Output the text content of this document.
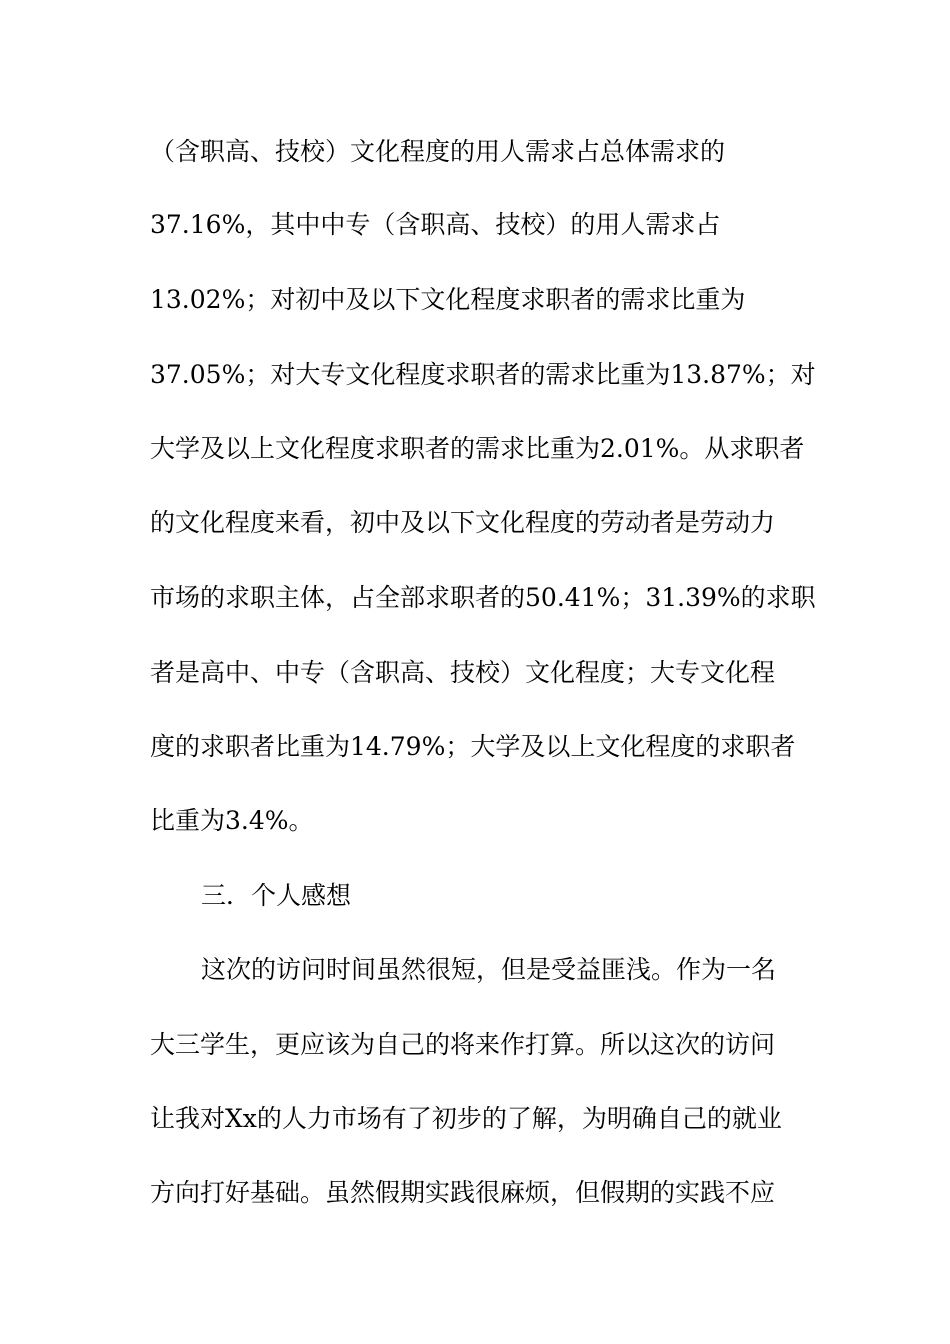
（含职高、技校）文化程度的用人需求占总体需求的
37.16%，其中中专（含职高、技校）的用人需求占
13.02%；对初中及以下文化程度求职者的需求比重为
37.05%；对大专文化程度求职者的需求比重为13.87%；对
大学及以上文化程度求职者的需求比重为2.01%。从求职者
的文化程度来看，初中及以下文化程度的劳动者是劳动力
市场的求职主体，占全部求职者的50.41%；31.39%的求职
者是高中、中专（含职高、技校）文化程度；大专文化程
度的求职者比重为14.79%；大学及以上文化程度的求职者
比重为3.4%。
三．个人感想
这次的访问时间虽然很短，但是受益匪浅。作为一名
大三学生，更应该为自己的将来作打算。所以这次的访问
让我对Xx的人力市场有了初步的了解，为明确自己的就业
方向打好基础。虽然假期实践很麻烦，但假期的实践不应
